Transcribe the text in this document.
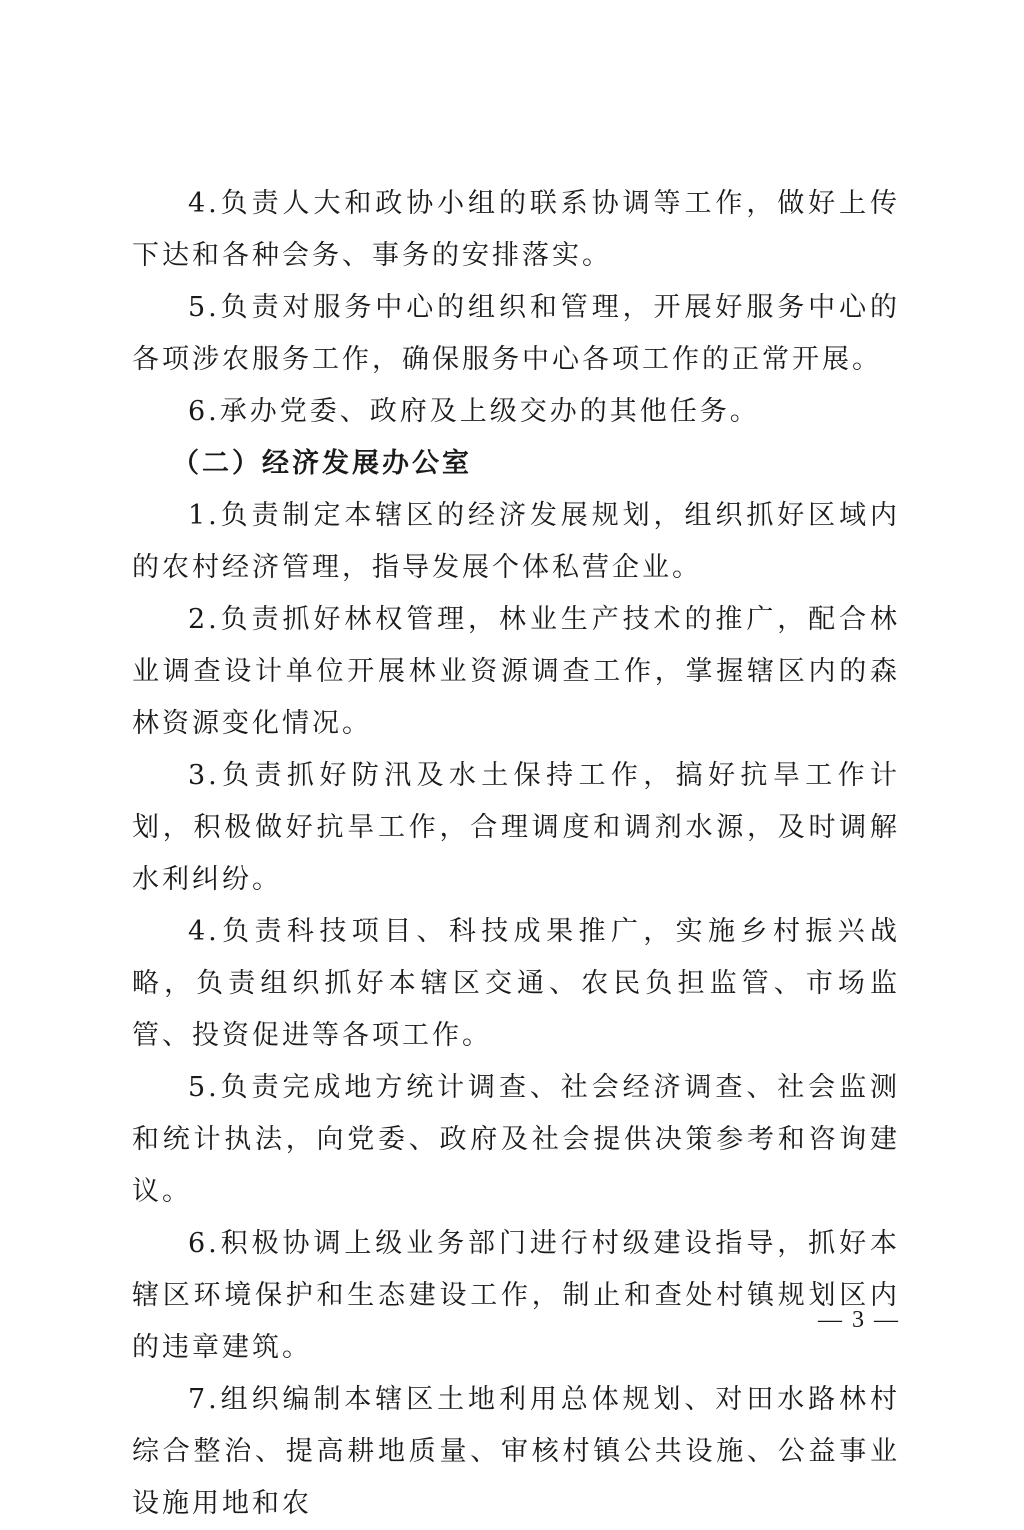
4.负责人大和政协小组的联系协调等工作，做好上传下达和各种会务、事务的安排落实。

5.负责对服务中心的组织和管理，开展好服务中心的各项涉农服务工作，确保服务中心各项工作的正常开展。

6.承办党委、政府及上级交办的其他任务。

（二）经济发展办公室

1.负责制定本辖区的经济发展规划，组织抓好区域内的农村经济管理，指导发展个体私营企业。

2.负责抓好林权管理，林业生产技术的推广，配合林业调查设计单位开展林业资源调查工作，掌握辖区内的森林资源变化情况。

3.负责抓好防汛及水土保持工作，搞好抗旱工作计划，积极做好抗旱工作，合理调度和调剂水源，及时调解水利纠纷。

4.负责科技项目、科技成果推广，实施乡村振兴战略，负责组织抓好本辖区交通、农民负担监管、市场监管、投资促进等各项工作。

5.负责完成地方统计调查、社会经济调查、社会监测和统计执法，向党委、政府及社会提供决策参考和咨询建议。

6.积极协调上级业务部门进行村级建设指导，抓好本辖区环境保护和生态建设工作，制止和查处村镇规划区内的违章建筑。

7.组织编制本辖区土地利用总体规划、对田水路林村综合整治、提高耕地质量、审核村镇公共设施、公益事业设施用地和农

— 3 —
